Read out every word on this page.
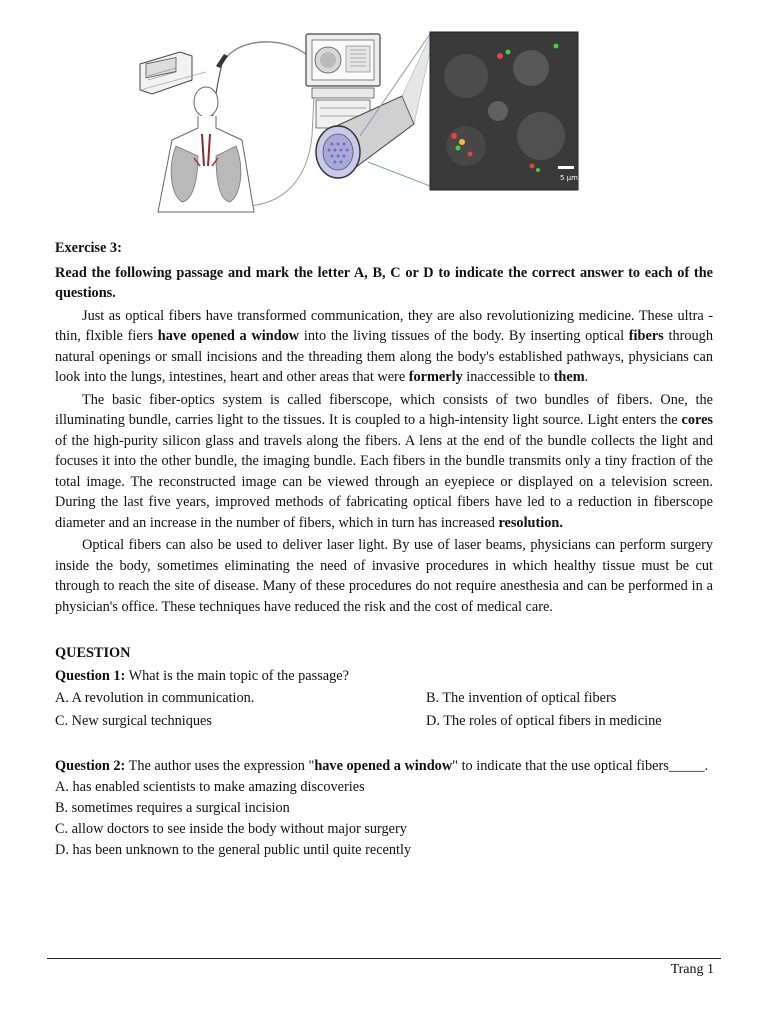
5 µm

Exercise 3:

Read the following passage and mark the letter A, B, C or D to indicate the correct answer to each of the questions.

Just as optical fibers have transformed communication, they are also revolutionizing medicine. These ultra - thin, flxible fiers have opened a window into the living tissues of the body. By inserting optical fibers through natural openings or small incisions and the threading them along the body's established pathways, physicians can look into the lungs, intestines, heart and other areas that were formerly inaccessible to them.

The basic fiber-optics system is called fiberscope, which consists of two bundles of fibers. One, the illuminating bundle, carries light to the tissues. It is coupled to a high-intensity light source. Light enters the cores of the high-purity silicon glass and travels along the fibers. A lens at the end of the bundle collects the light and focuses it into the other bundle, the imaging bundle. Each fibers in the bundle transmits only a tiny fraction of the total image. The reconstructed image can be viewed through an eyepiece or displayed on a television screen. During the last five years, improved methods of fabricating optical fibers have led to a reduction in fiberscope diameter and an increase in the number of fibers, which in turn has increased resolution.

Optical fibers can also be used to deliver laser light. By use of laser beams, physicians can perform surgery inside the body, sometimes eliminating the need of invasive procedures in which healthy tissue must be cut through to reach the site of disease. Many of these procedures do not require anesthesia and can be performed in a physician's office. These techniques have reduced the risk and the cost of medical care.

QUESTION

Question 1: What is the main topic of the passage?

A. A revolution in communication.	B. The invention of optical fibers

C. New surgical techniques	D. The roles of optical fibers in medicine

Question 2: The author uses the expression "have opened a window" to indicate that the use optical fibers_____.

A. has enabled scientists to make amazing discoveries

B. sometimes requires a surgical incision

C. allow doctors to see inside the body without major surgery

D. has been unknown to the general public until quite recently

Trang 1
